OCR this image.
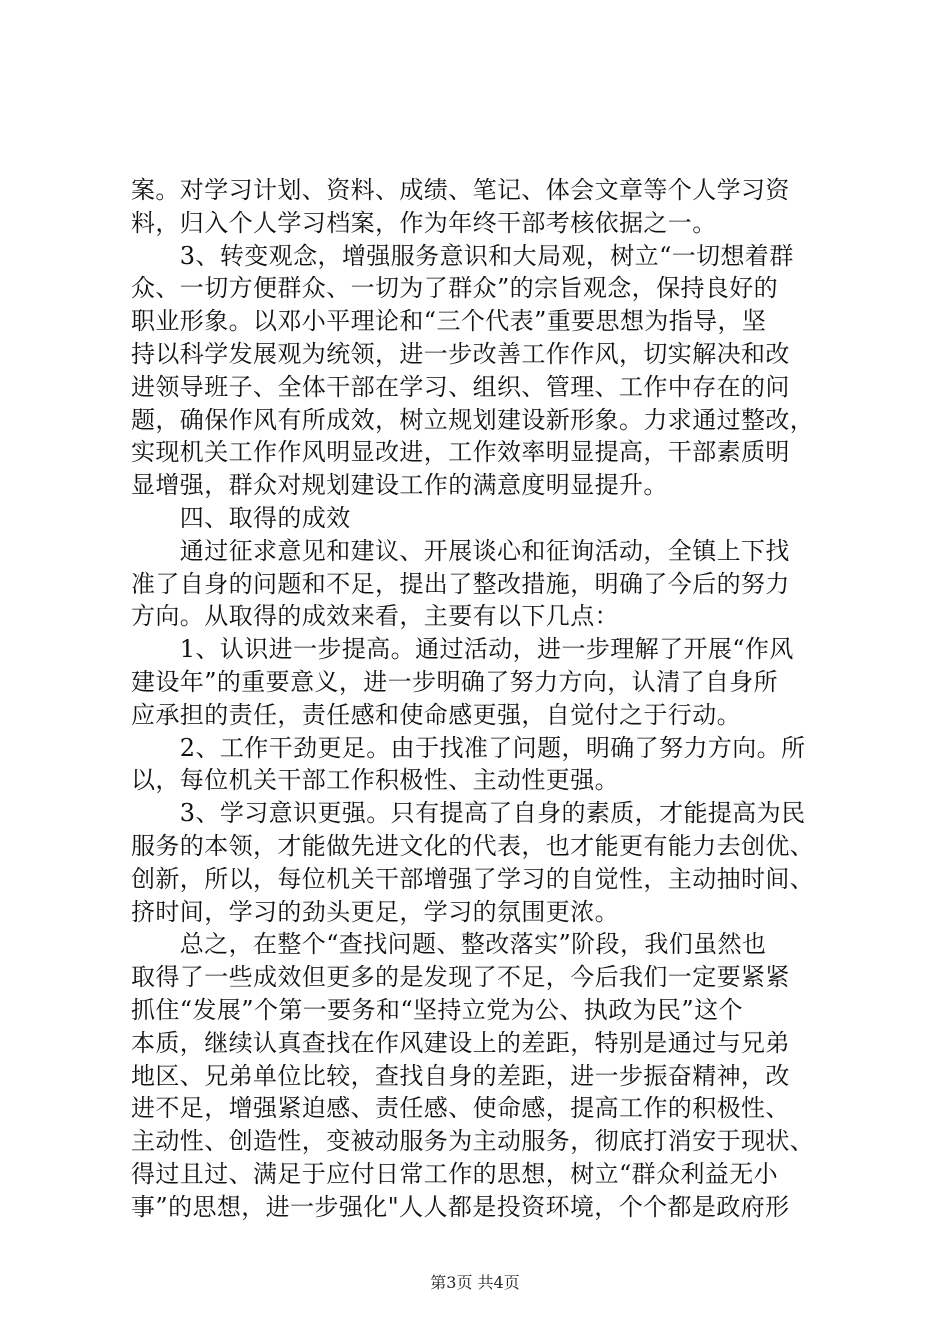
案。对学习计划、资料、成绩、笔记、体会文章等个人学习资
料，归入个人学习档案，作为年终干部考核依据之一。
　　3、转变观念，增强服务意识和大局观，树立“一切想着群
众、一切方便群众、一切为了群众”的宗旨观念，保持良好的
职业形象。以邓小平理论和“三个代表”重要思想为指导，坚
持以科学发展观为统领，进一步改善工作作风，切实解决和改
进领导班子、全体干部在学习、组织、管理、工作中存在的问
题，确保作风有所成效，树立规划建设新形象。力求通过整改，
实现机关工作作风明显改进，工作效率明显提高，干部素质明
显增强，群众对规划建设工作的满意度明显提升。
　　四、取得的成效
　　通过征求意见和建议、开展谈心和征询活动，全镇上下找
准了自身的问题和不足，提出了整改措施，明确了今后的努力
方向。从取得的成效来看，主要有以下几点：
　　1、认识进一步提高。通过活动，进一步理解了开展“作风
建设年”的重要意义，进一步明确了努力方向，认清了自身所
应承担的责任，责任感和使命感更强，自觉付之于行动。
　　2、工作干劲更足。由于找准了问题，明确了努力方向。所
以，每位机关干部工作积极性、主动性更强。
　　3、学习意识更强。只有提高了自身的素质，才能提高为民
服务的本领，才能做先进文化的代表，也才能更有能力去创优、
创新，所以，每位机关干部增强了学习的自觉性，主动抽时间、
挤时间，学习的劲头更足，学习的氛围更浓。
　　总之，在整个“查找问题、整改落实”阶段，我们虽然也
取得了一些成效但更多的是发现了不足，今后我们一定要紧紧
抓住“发展”个第一要务和“坚持立党为公、执政为民”这个
本质，继续认真查找在作风建设上的差距，特别是通过与兄弟
地区、兄弟单位比较，查找自身的差距，进一步振奋精神，改
进不足，增强紧迫感、责任感、使命感，提高工作的积极性、
主动性、创造性，变被动服务为主动服务，彻底打消安于现状、
得过且过、满足于应付日常工作的思想，树立“群众利益无小
事”的思想，进一步强化"人人都是投资环境，个个都是政府形
第3页 共4页
